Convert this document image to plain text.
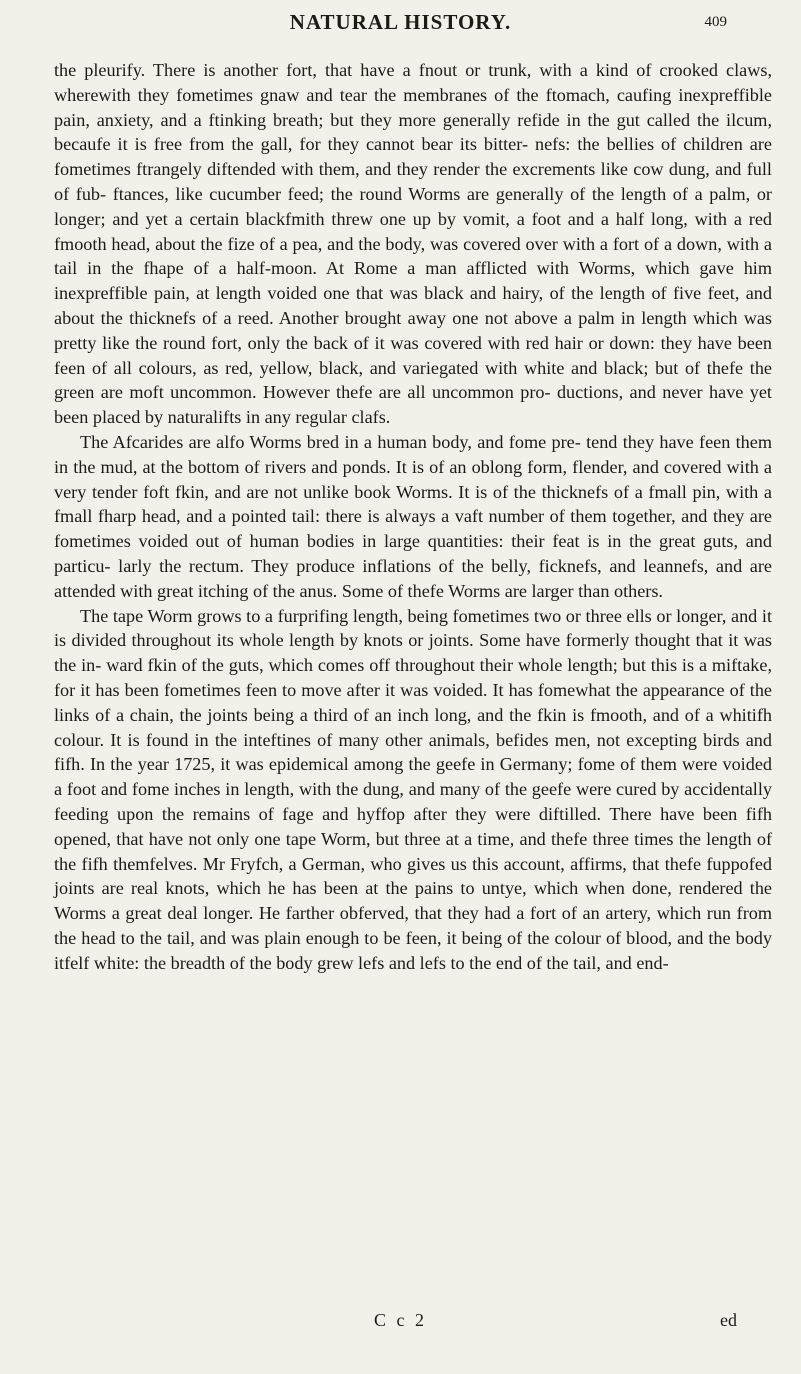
NATURAL HISTORY.	409

the pleurify. There is another fort, that have a fnout or trunk, with a kind of crooked claws, wherewith they fometimes gnaw and tear the membranes of the ftomach, caufing inexpreffible pain, anxiety, and a ftinking breath; but they more generally refide in the gut called the ilcum, becaufe it is free from the gall, for they cannot bear its bitter- nefs: the bellies of children are fometimes ftrangely diftended with them, and they render the excrements like cow dung, and full of fub- ftances, like cucumber feed; the round Worms are generally of the length of a palm, or longer; and yet a certain blackfmith threw one up by vomit, a foot and a half long, with a red fmooth head, about the fize of a pea, and the body, was covered over with a fort of a down, with a tail in the fhape of a half-moon. At Rome a man afflicted with Worms, which gave him inexpreffible pain, at length voided one that was black and hairy, of the length of five feet, and about the thicknefs of a reed. Another brought away one not above a palm in length which was pretty like the round fort, only the back of it was covered with red hair or down: they have been feen of all colours, as red, yellow, black, and variegated with white and black; but of thefe the green are moft uncommon. However thefe are all uncommon pro- ductions, and never have yet been placed by naturalifts in any regular clafs.

The Afcarides are alfo Worms bred in a human body, and fome pre- tend they have feen them in the mud, at the bottom of rivers and ponds. It is of an oblong form, flender, and covered with a very tender foft fkin, and are not unlike book Worms. It is of the thicknefs of a fmall pin, with a fmall fharp head, and a pointed tail: there is always a vaft number of them together, and they are fometimes voided out of human bodies in large quantities: their feat is in the great guts, and particu- larly the rectum. They produce inflations of the belly, ficknefs, and leannefs, and are attended with great itching of the anus. Some of thefe Worms are larger than others.

The tape Worm grows to a furprifing length, being fometimes two or three ells or longer, and it is divided throughout its whole length by knots or joints. Some have formerly thought that it was the in- ward fkin of the guts, which comes off throughout their whole length; but this is a miftake, for it has been fometimes feen to move after it was voided. It has fomewhat the appearance of the links of a chain, the joints being a third of an inch long, and the fkin is fmooth, and of a whitifh colour. It is found in the inteftines of many other animals, befides men, not excepting birds and fifh. In the year 1725, it was epidemical among the geefe in Germany; fome of them were voided a foot and fome inches in length, with the dung, and many of the geefe were cured by accidentally feeding upon the remains of fage and hyffop after they were diftilled. There have been fifh opened, that have not only one tape Worm, but three at a time, and thefe three times the length of the fifh themfelves. Mr Fryfch, a German, who gives us this account, affirms, that thefe fuppofed joints are real knots, which he has been at the pains to untye, which when done, rendered the Worms a great deal longer. He farther obferved, that they had a fort of an artery, which run from the head to the tail, and was plain enough to be feen, it being of the colour of blood, and the body itfelf white: the breadth of the body grew lefs and lefs to the end of the tail, and end-

C c 2	ed
